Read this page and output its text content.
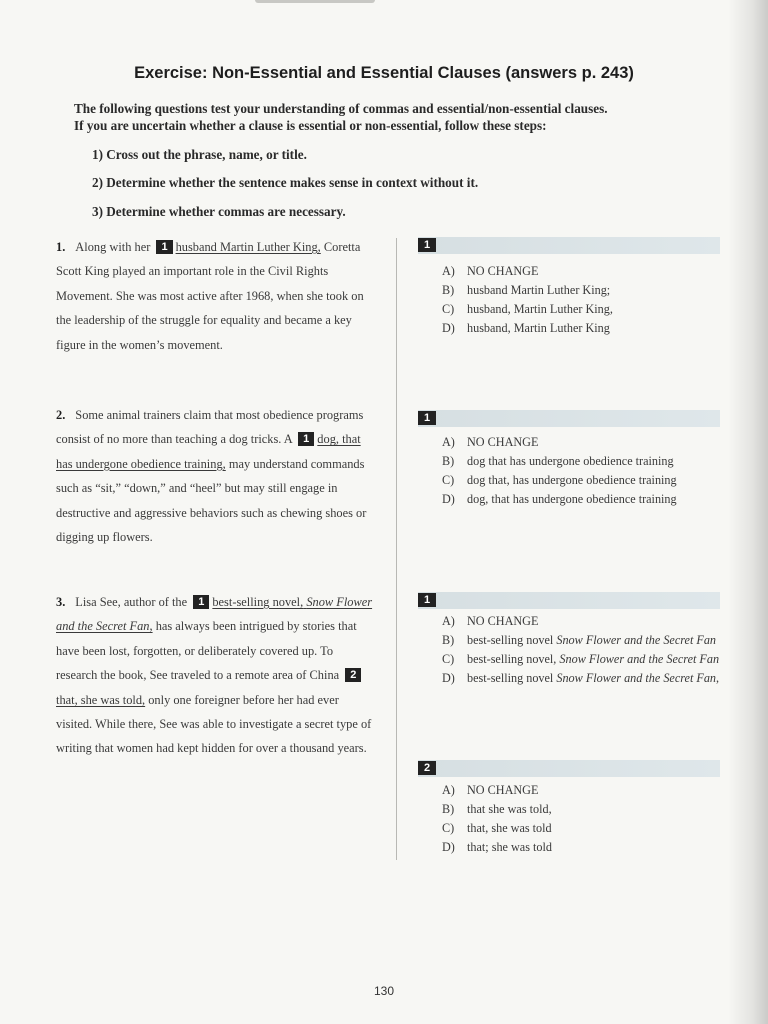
Exercise: Non-Essential and Essential Clauses (answers p. 243)
The following questions test your understanding of commas and essential/non-essential clauses.
If you are uncertain whether a clause is essential or non-essential, follow these steps:
1) Cross out the phrase, name, or title.
2) Determine whether the sentence makes sense in context without it.
3) Determine whether commas are necessary.
1. Along with her 1 husband Martin Luther King, Coretta Scott King played an important role in the Civil Rights Movement. She was most active after 1968, when she took on the leadership of the struggle for equality and became a key figure in the women’s movement.
2. Some animal trainers claim that most obedience programs consist of no more than teaching a dog tricks. A 1 dog, that has undergone obedience training, may understand commands such as “sit,” “down,” and “heel” but may still engage in destructive and aggressive behaviors such as chewing shoes or digging up flowers.
3. Lisa See, author of the 1 best-selling novel, Snow Flower and the Secret Fan, has always been intrigued by stories that have been lost, forgotten, or deliberately covered up. To research the book, See traveled to a remote area of China 2that, she was told, only one foreigner before her had ever visited. While there, See was able to investigate a secret type of writing that women had kept hidden for over a thousand years.
1
1
1
2
A) NO CHANGE
B)	husband Martin Luther King;
C)	husband, Martin Luther King,
D) husband, Martin Luther King
A) NO CHANGE
B)	dog that has undergone obedience training
C)	dog that, has undergone obedience training
D) dog, that has undergone obedience training
A) NO CHANGE
B)	best-selling novel Snow Flower and the Secret Fan
C)	best-selling novel, Snow Flower and the Secret Fan
D) best-selling novel Snow Flower and the Secret Fan,
A) NO CHANGE
B)	that she was told,
C)	that, she was told
D) that; she was told
130
